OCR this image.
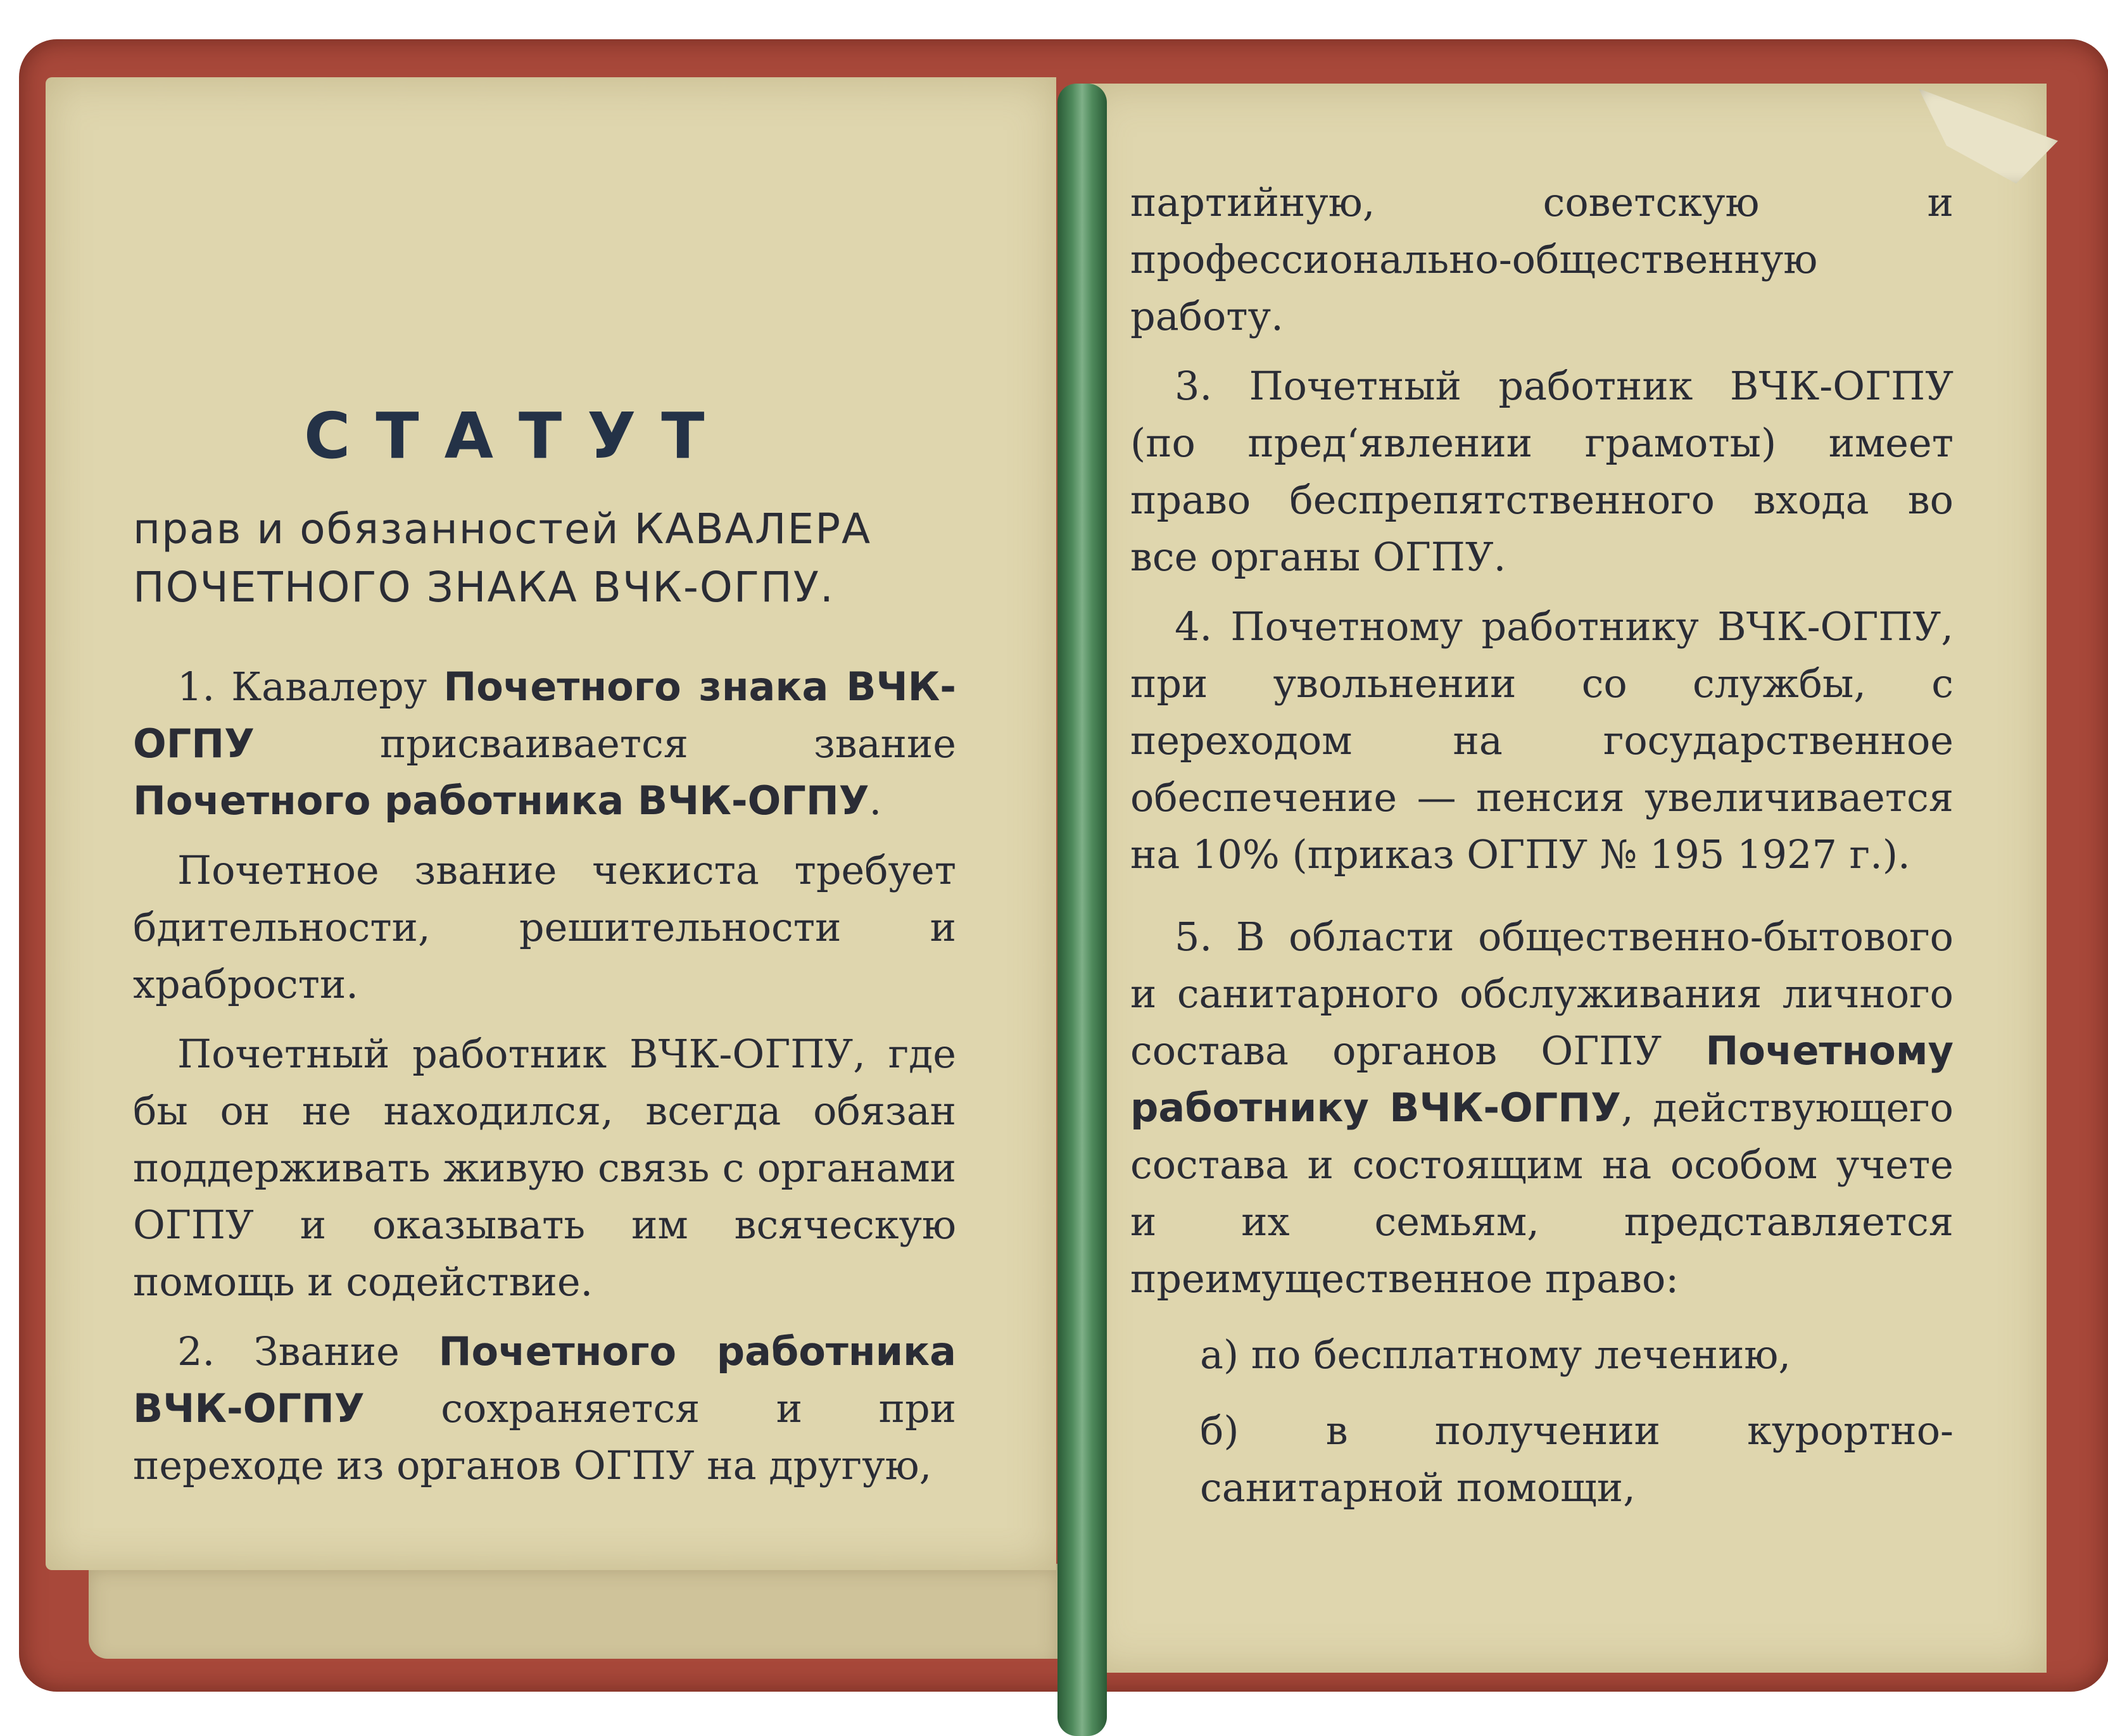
СТАТУТ
прав и обязанностей КАВАЛЕРА
ПОЧЕТНОГО ЗНАКА ВЧК-ОГПУ.

1. Кавалеру Почетного знака ВЧК-ОГПУ присваивается звание Почетного работника ВЧК-ОГПУ.

Почетное звание чекиста требует бдительности, решительности и храбрости.

Почетный работник ВЧК-ОГПУ, где бы он не находился, всегда обязан поддерживать живую связь с органами ОГПУ и оказывать им всяческую помощь и содействие.

2. Звание Почетного работника ВЧК-ОГПУ сохраняется и при переходе из органов ОГПУ на другую,

партийную, советскую и профессионально-общественную работу.

3. Почетный работник ВЧК-ОГПУ (по пред‘явлении грамоты) имеет право беспрепятственного входа во все органы ОГПУ.

4. Почетному работнику ВЧК-ОГПУ, при увольнении со службы, с переходом на государственное обеспечение — пенсия увеличивается на 10% (приказ ОГПУ № 195 1927 г.).

5. В области общественно-бытового и санитарного обслуживания личного состава органов ОГПУ Почетному работнику ВЧК-ОГПУ, действующего состава и состоящим на особом учете и их семьям, представляется преимущественное право:

а) по бесплатному лечению,

б) в получении курортно-санитарной помощи,
